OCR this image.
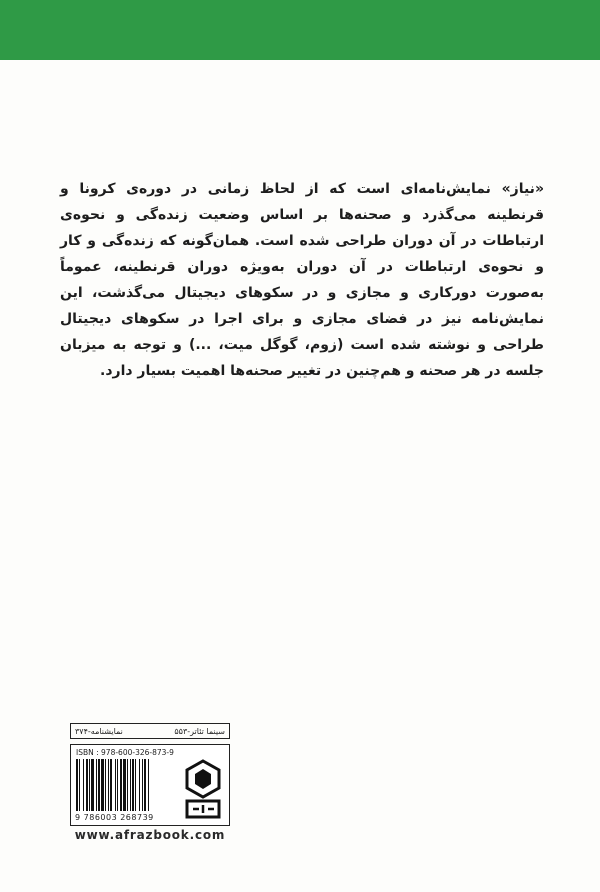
«نیاز» نمایش‌نامه‌ای است که از لحاظ زمانی در دوره‌ی کرونا و قرنطینه می‌گذرد و صحنه‌ها بر اساس وضعیت زنده‌گی و نحوه‌ی ارتباطات در آن دوران طراحی شده است. همان‌گونه که زنده‌گی و کار و نحوه‌ی ارتباطات در آن دوران به‌ویژه دوران قرنطینه، عموماً به‌صورت دورکاری و مجازی و در سکوهای دیجیتال می‌گذشت، این نمایش‌نامه نیز در فضای مجازی و برای اجرا در سکوهای دیجیتال طراحی و نوشته شده است (زوم، گوگل میت، ...) و توجه به میزبان جلسه در هر صحنه و هم‌چنین در تغییر صحنه‌ها اهمیت بسیار دارد.
نمایشنامه-۳۷۴	سینما تئاتر-۵۵۳
ISBN : 978-600-326-873-9
9 786003 268739
www.afrazbook.com
